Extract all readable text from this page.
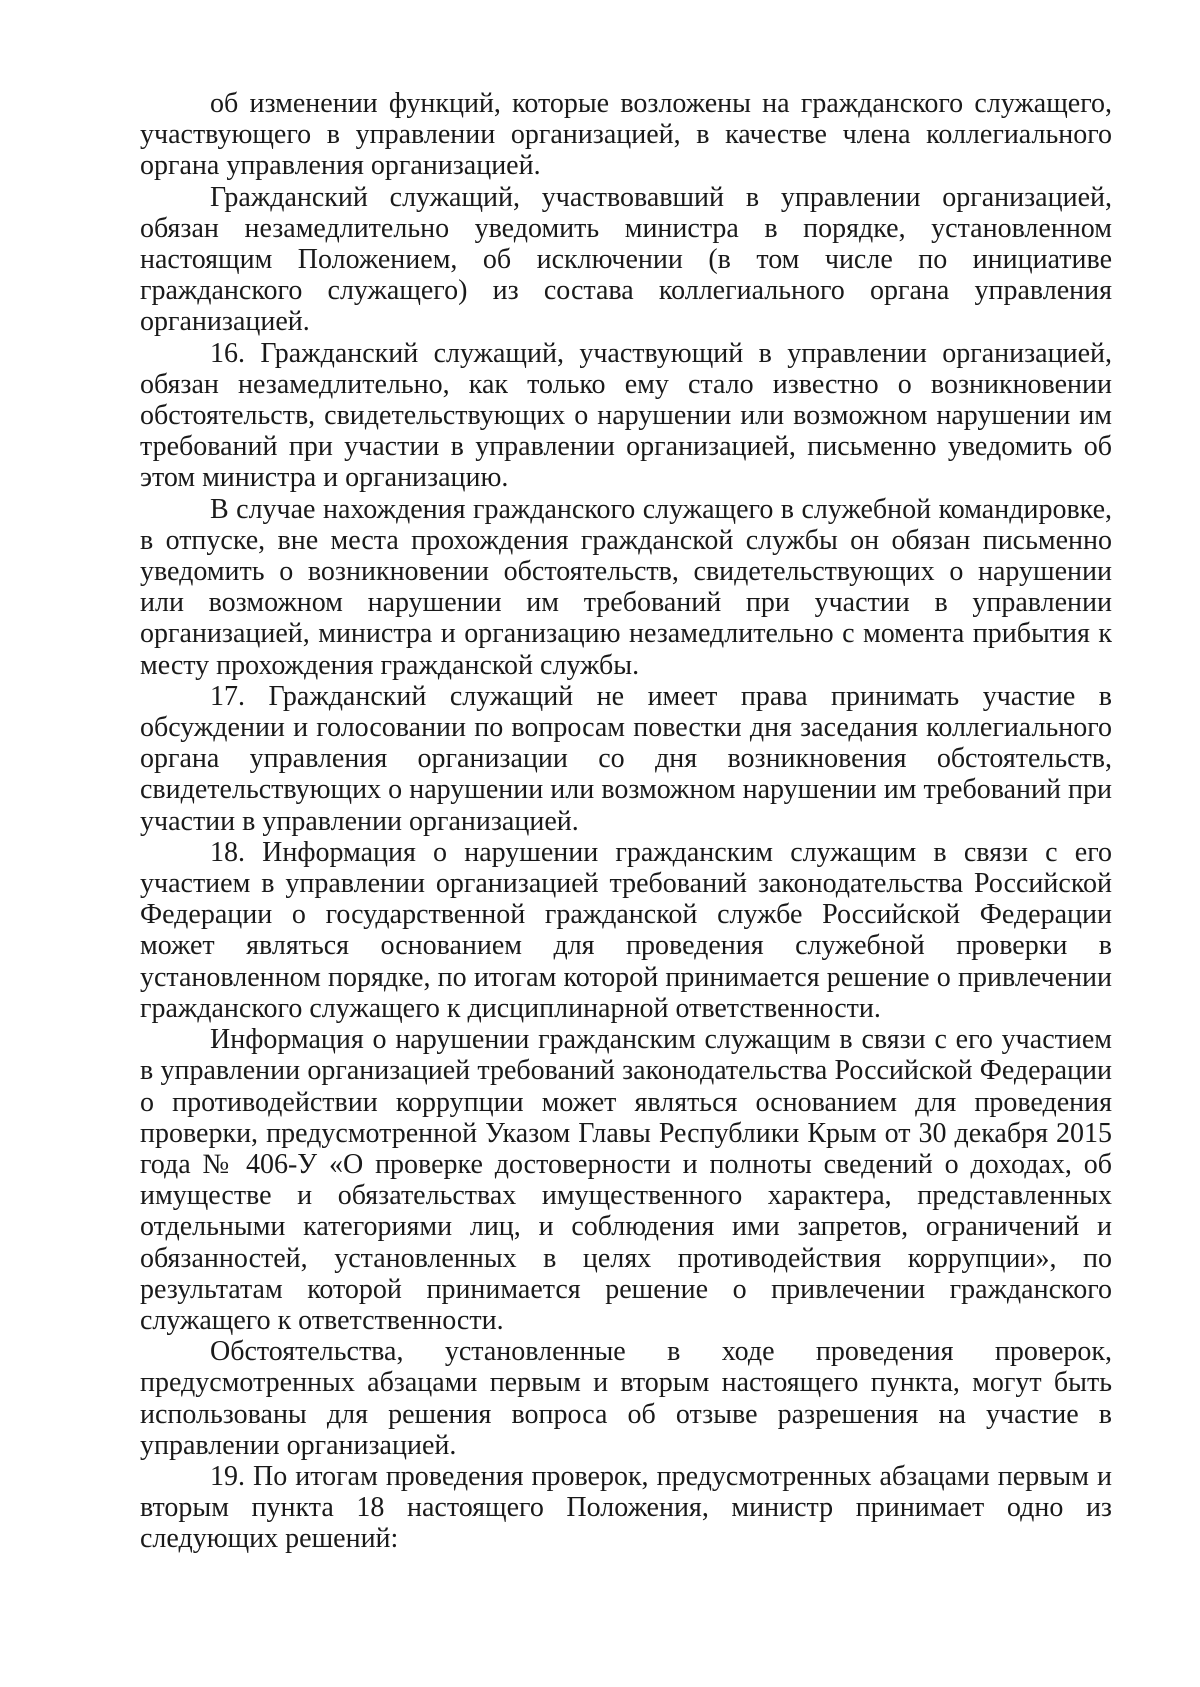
об изменении функций, которые возложены на гражданского служащего, участвующего в управлении организацией, в качестве члена коллегиального органа управления организацией.

Гражданский служащий, участвовавший в управлении организацией, обязан незамедлительно уведомить министра в порядке, установленном настоящим Положением, об исключении (в том числе по инициативе гражданского служащего) из состава коллегиального органа управления организацией.

16. Гражданский служащий, участвующий в управлении организацией, обязан незамедлительно, как только ему стало известно о возникновении обстоятельств, свидетельствующих о нарушении или возможном нарушении им требований при участии в управлении организацией, письменно уведомить об этом министра и организацию.

В случае нахождения гражданского служащего в служебной командировке, в отпуске, вне места прохождения гражданской службы он обязан письменно уведомить о возникновении обстоятельств, свидетельствующих о нарушении или возможном нарушении им требований при участии в управлении организацией, министра и организацию незамедлительно с момента прибытия к месту прохождения гражданской службы.

17. Гражданский служащий не имеет права принимать участие в обсуждении и голосовании по вопросам повестки дня заседания коллегиального органа управления организации со дня возникновения обстоятельств, свидетельствующих о нарушении или возможном нарушении им требований при участии в управлении организацией.

18. Информация о нарушении гражданским служащим в связи с его участием в управлении организацией требований законодательства Российской Федерации о государственной гражданской службе Российской Федерации может являться основанием для проведения служебной проверки в установленном порядке, по итогам которой принимается решение о привлечении гражданского служащего к дисциплинарной ответственности.

Информация о нарушении гражданским служащим в связи с его участием в управлении организацией требований законодательства Российской Федерации о противодействии коррупции может являться основанием для проведения проверки, предусмотренной Указом Главы Республики Крым от 30 декабря 2015 года № 406-У «О проверке достоверности и полноты сведений о доходах, об имуществе и обязательствах имущественного характера, представленных отдельными категориями лиц, и соблюдения ими запретов, ограничений и обязанностей, установленных в целях противодействия коррупции», по результатам которой принимается решение о привлечении гражданского служащего к ответственности.

Обстоятельства, установленные в ходе проведения проверок, предусмотренных абзацами первым и вторым настоящего пункта, могут быть использованы для решения вопроса об отзыве разрешения на участие в управлении организацией.

19. По итогам проведения проверок, предусмотренных абзацами первым и вторым пункта 18 настоящего Положения, министр принимает одно из следующих решений:
